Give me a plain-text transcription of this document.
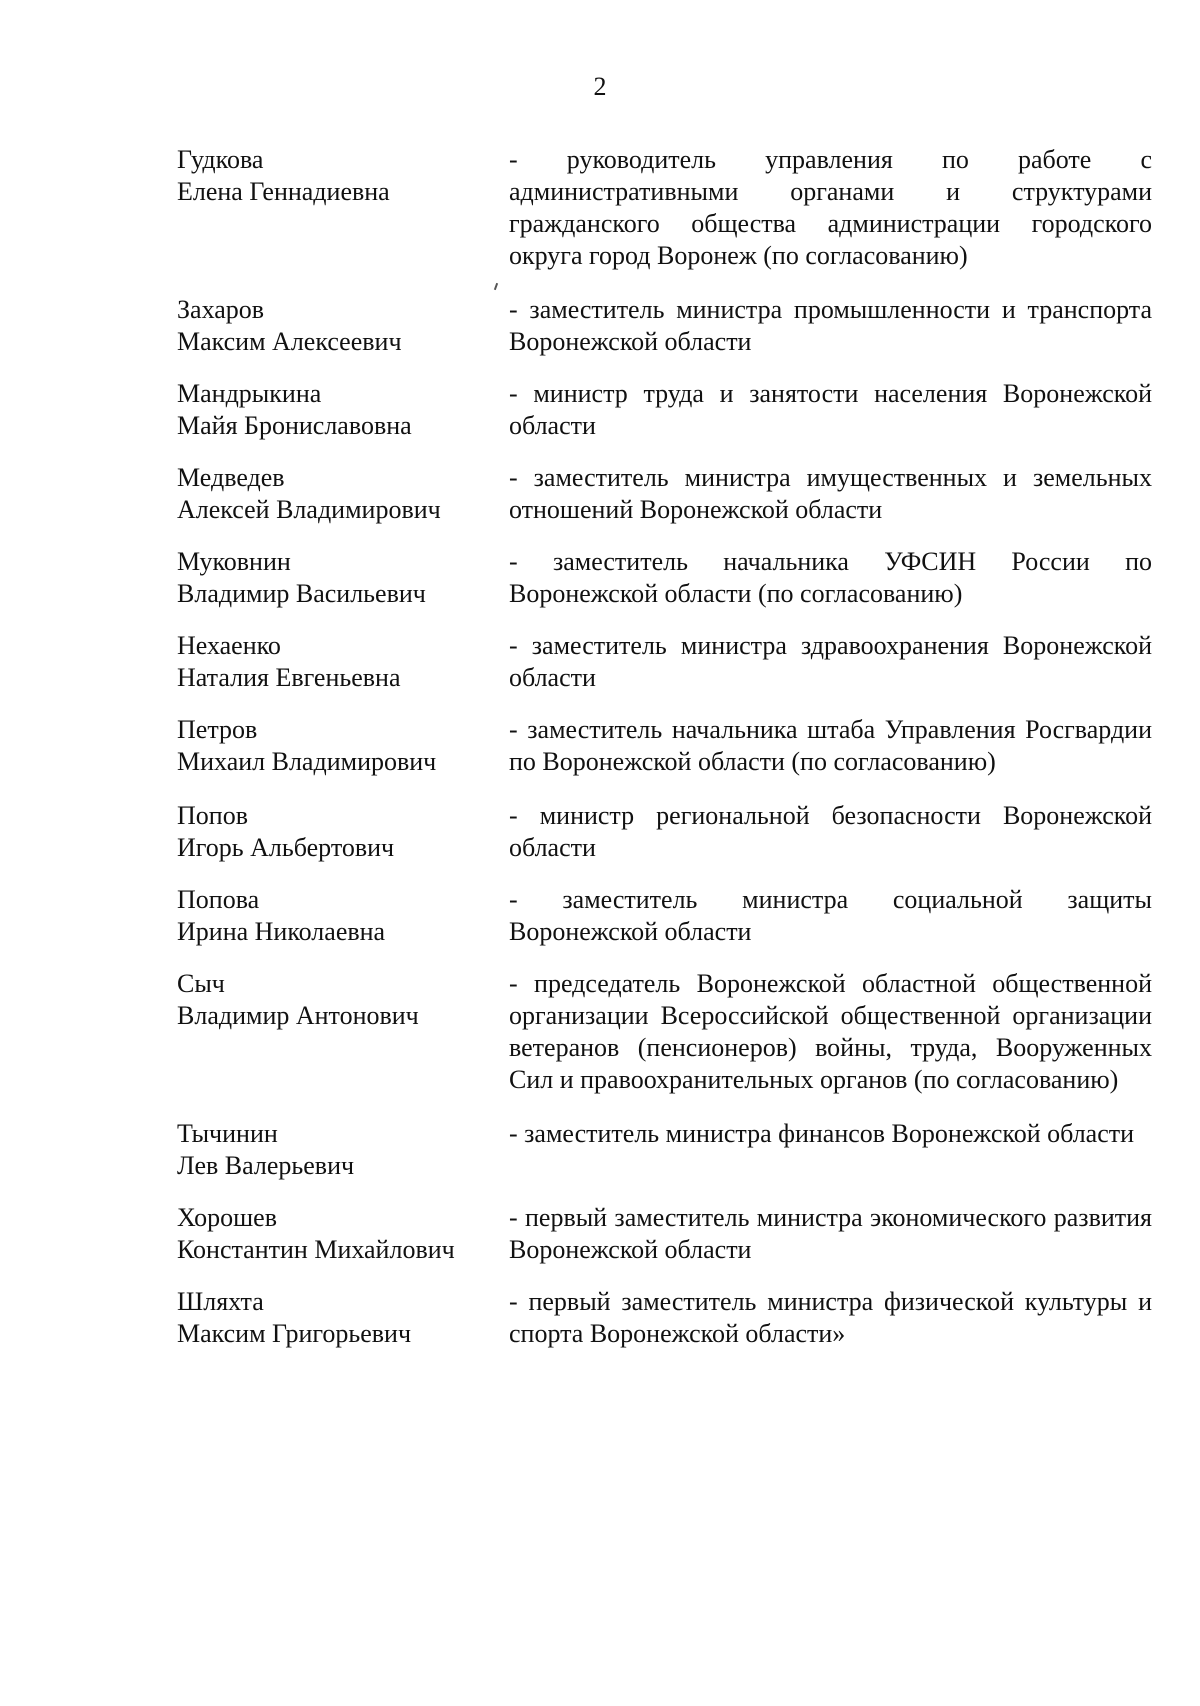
2
Гудкова
Елена Геннадиевна
- руководитель управления по работе с административными органами и структурами гражданского общества администрации городского округа город Воронеж (по согласованию)
Захаров
Максим Алексеевич
- заместитель министра промышленности и транспорта Воронежской области
Мандрыкина
Майя Брониславовна
- министр труда и занятости населения Воронежской области
Медведев
Алексей Владимирович
- заместитель министра имущественных и земельных отношений Воронежской области
Муковнин
Владимир Васильевич
- заместитель начальника УФСИН России по Воронежской области (по согласованию)
Нехаенко
Наталия Евгеньевна
- заместитель министра здравоохранения Воронежской области
Петров
Михаил Владимирович
- заместитель начальника штаба Управления Росгвардии по Воронежской области (по согласованию)
Попов
Игорь Альбертович
- министр региональной безопасности Воронежской области
Попова
Ирина Николаевна
- заместитель министра социальной защиты Воронежской области
Сыч
Владимир Антонович
- председатель Воронежской областной общественной организации Всероссийской общественной организации ветеранов (пенсионеров) войны, труда, Вооруженных Сил и правоохранительных органов (по согласованию)
Тычинин
Лев Валерьевич
- заместитель министра финансов Воронежской области
Хорошев
Константин Михайлович
- первый заместитель министра экономического развития Воронежской области
Шляхта
Максим Григорьевич
- первый заместитель министра физической культуры и спорта Воронежской области»
